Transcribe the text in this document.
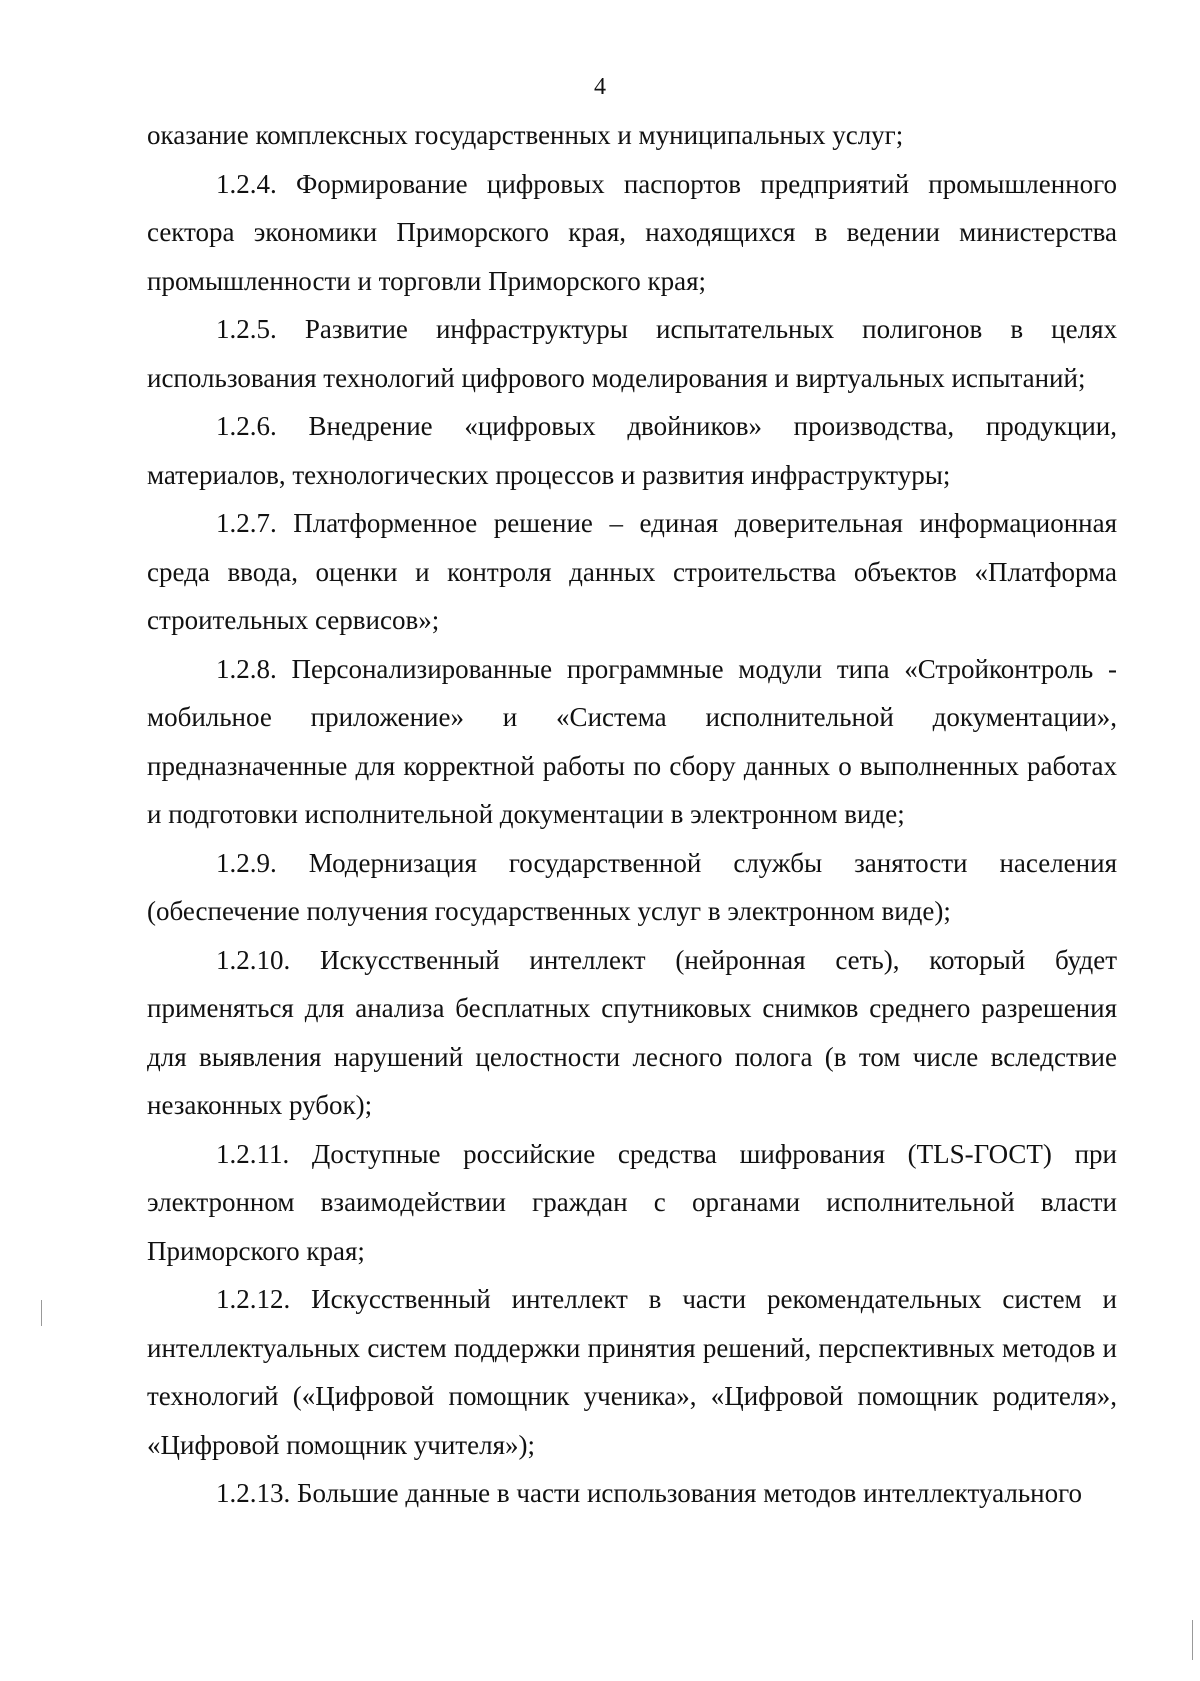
4

оказание комплексных государственных и муниципальных услуг;

1.2.4. Формирование цифровых паспортов предприятий промышленного сектора экономики Приморского края, находящихся в ведении министерства промышленности и торговли Приморского края;

1.2.5. Развитие инфраструктуры испытательных полигонов в целях использования технологий цифрового моделирования и виртуальных испытаний;

1.2.6. Внедрение «цифровых двойников» производства, продукции, материалов, технологических процессов и развития инфраструктуры;

1.2.7. Платформенное решение – единая доверительная информационная среда ввода, оценки и контроля данных строительства объектов «Платформа строительных сервисов»;

1.2.8. Персонализированные программные модули типа «Стройконтроль - мобильное приложение» и «Система исполнительной документации», предназначенные для корректной работы по сбору данных о выполненных работах и подготовки исполнительной документации в электронном виде;

1.2.9. Модернизация государственной службы занятости населения (обеспечение получения государственных услуг в электронном виде);

1.2.10. Искусственный интеллект (нейронная сеть), который будет применяться для анализа бесплатных спутниковых снимков среднего разрешения для выявления нарушений целостности лесного полога (в том числе вследствие незаконных рубок);

1.2.11. Доступные российские средства шифрования (TLS-ГОСТ) при электронном взаимодействии граждан с органами исполнительной власти Приморского края;

1.2.12. Искусственный интеллект в части рекомендательных систем и интеллектуальных систем поддержки принятия решений, перспективных методов и технологий («Цифровой помощник ученика», «Цифровой помощник родителя», «Цифровой помощник учителя»);

1.2.13. Большие данные в части использования методов интеллектуального
